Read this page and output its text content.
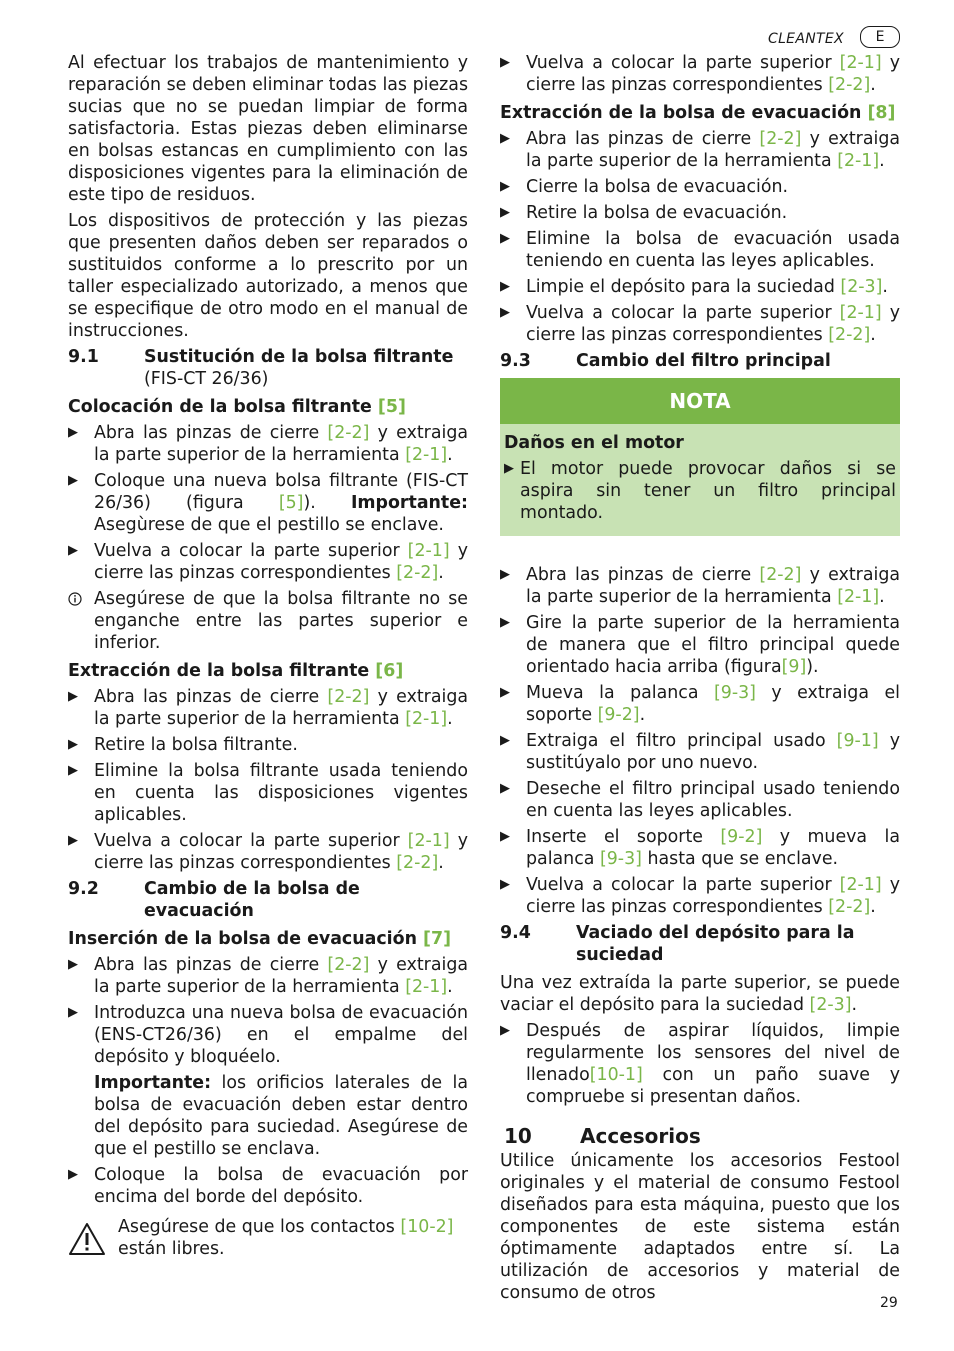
CLEANTEX	E

Al efectuar los trabajos de mantenimiento y reparación se deben eliminar todas las piezas sucias que no se puedan limpiar de forma satisfactoria. Estas piezas deben eliminarse en bolsas estancas en cumplimiento con las disposiciones vigentes para la eliminación de este tipo de residuos.

Los dispositivos de protección y las piezas que presenten daños deben ser reparados o sustituidos conforme a lo prescrito por un taller especializado autorizado, a menos que se especifique de otro modo en el manual de instrucciones.

9.1	Sustitución de la bolsa filtrante
(FIS-CT 26/36)
Colocación de la bolsa filtrante [5]
▶ Abra las pinzas de cierre [2-2] y extraiga la parte superior de la herramienta [2-1].
▶ Coloque una nueva bolsa filtrante (FIS-CT 26/36) (figura [5]). Importante: Asegùrese de que el pestillo se enclave.
▶ Vuelva a colocar la parte superior [2-1] y cierre las pinzas correspondientes [2-2].
Asegúrese de que la bolsa filtrante no se enganche entre las partes superior e inferior.
Extracción de la bolsa filtrante [6]
▶ Abra las pinzas de cierre [2-2] y extraiga la parte superior de la herramienta [2-1].
▶ Retire la bolsa filtrante.
▶ Elimine la bolsa filtrante usada teniendo en cuenta las disposiciones vigentes aplicables.
▶ Vuelva a colocar la parte superior [2-1] y cierre las pinzas correspondientes [2-2].
9.2	Cambio de la bolsa de evacuación
Inserción de la bolsa de evacuación [7]
▶ Abra las pinzas de cierre [2-2] y extraiga la parte superior de la herramienta [2-1].
▶ Introduzca una nueva bolsa de evacuación (ENS-CT26/36) en el empalme del depósito y bloquéelo.
Importante: los orificios laterales de la bolsa de evacuación deben estar dentro del depósito para suciedad. Asegúrese de que el pestillo se enclava.
▶ Coloque la bolsa de evacuación por encima del borde del depósito.
Asegúrese de que los contactos [10-2] están libres.
▶ Vuelva a colocar la parte superior [2-1] y cierre las pinzas correspondientes [2-2].
Extracción de la bolsa de evacuación [8]
▶ Abra las pinzas de cierre [2-2] y extraiga la parte superior de la herramienta [2-1].
▶ Cierre la bolsa de evacuación.
▶ Retire la bolsa de evacuación.
▶ Elimine la bolsa de evacuación usada teniendo en cuenta las leyes aplicables.
▶ Limpie el depósito para la suciedad [2-3].
▶ Vuelva a colocar la parte superior [2-1] y cierre las pinzas correspondientes [2-2].
9.3	Cambio del filtro principal
NOTA
Daños en el motor
▶ El motor puede provocar daños si se aspira sin tener un filtro principal montado.
▶ Abra las pinzas de cierre [2-2] y extraiga la parte superior de la herramienta [2-1].
▶ Gire la parte superior de la herramienta de manera que el filtro principal quede orientado hacia arriba (figura[9]).
▶ Mueva la palanca [9-3] y extraiga el soporte [9-2].
▶ Extraiga el filtro principal usado [9-1] y sustitúyalo por uno nuevo.
▶ Deseche el filtro principal usado teniendo en cuenta las leyes aplicables.
▶ Inserte el soporte [9-2] y mueva la palanca [9-3] hasta que se enclave.
▶ Vuelva a colocar la parte superior [2-1] y cierre las pinzas correspondientes [2-2].
9.4	Vaciado del depósito para la suciedad

Una vez extraída la parte superior, se puede vaciar el depósito para la suciedad [2-3].

▶ Después de aspirar líquidos, limpie regularmente los sensores del nivel de llenado[10-1] con un paño suave y compruebe si presentan daños.
10 Accesorios

Utilice únicamente los accesorios Festool originales y el material de consumo Festool diseñados para esta máquina, puesto que los componentes de este sistema están óptimamente adaptados entre sí. La utilización de accesorios y material de consumo de otros	29
